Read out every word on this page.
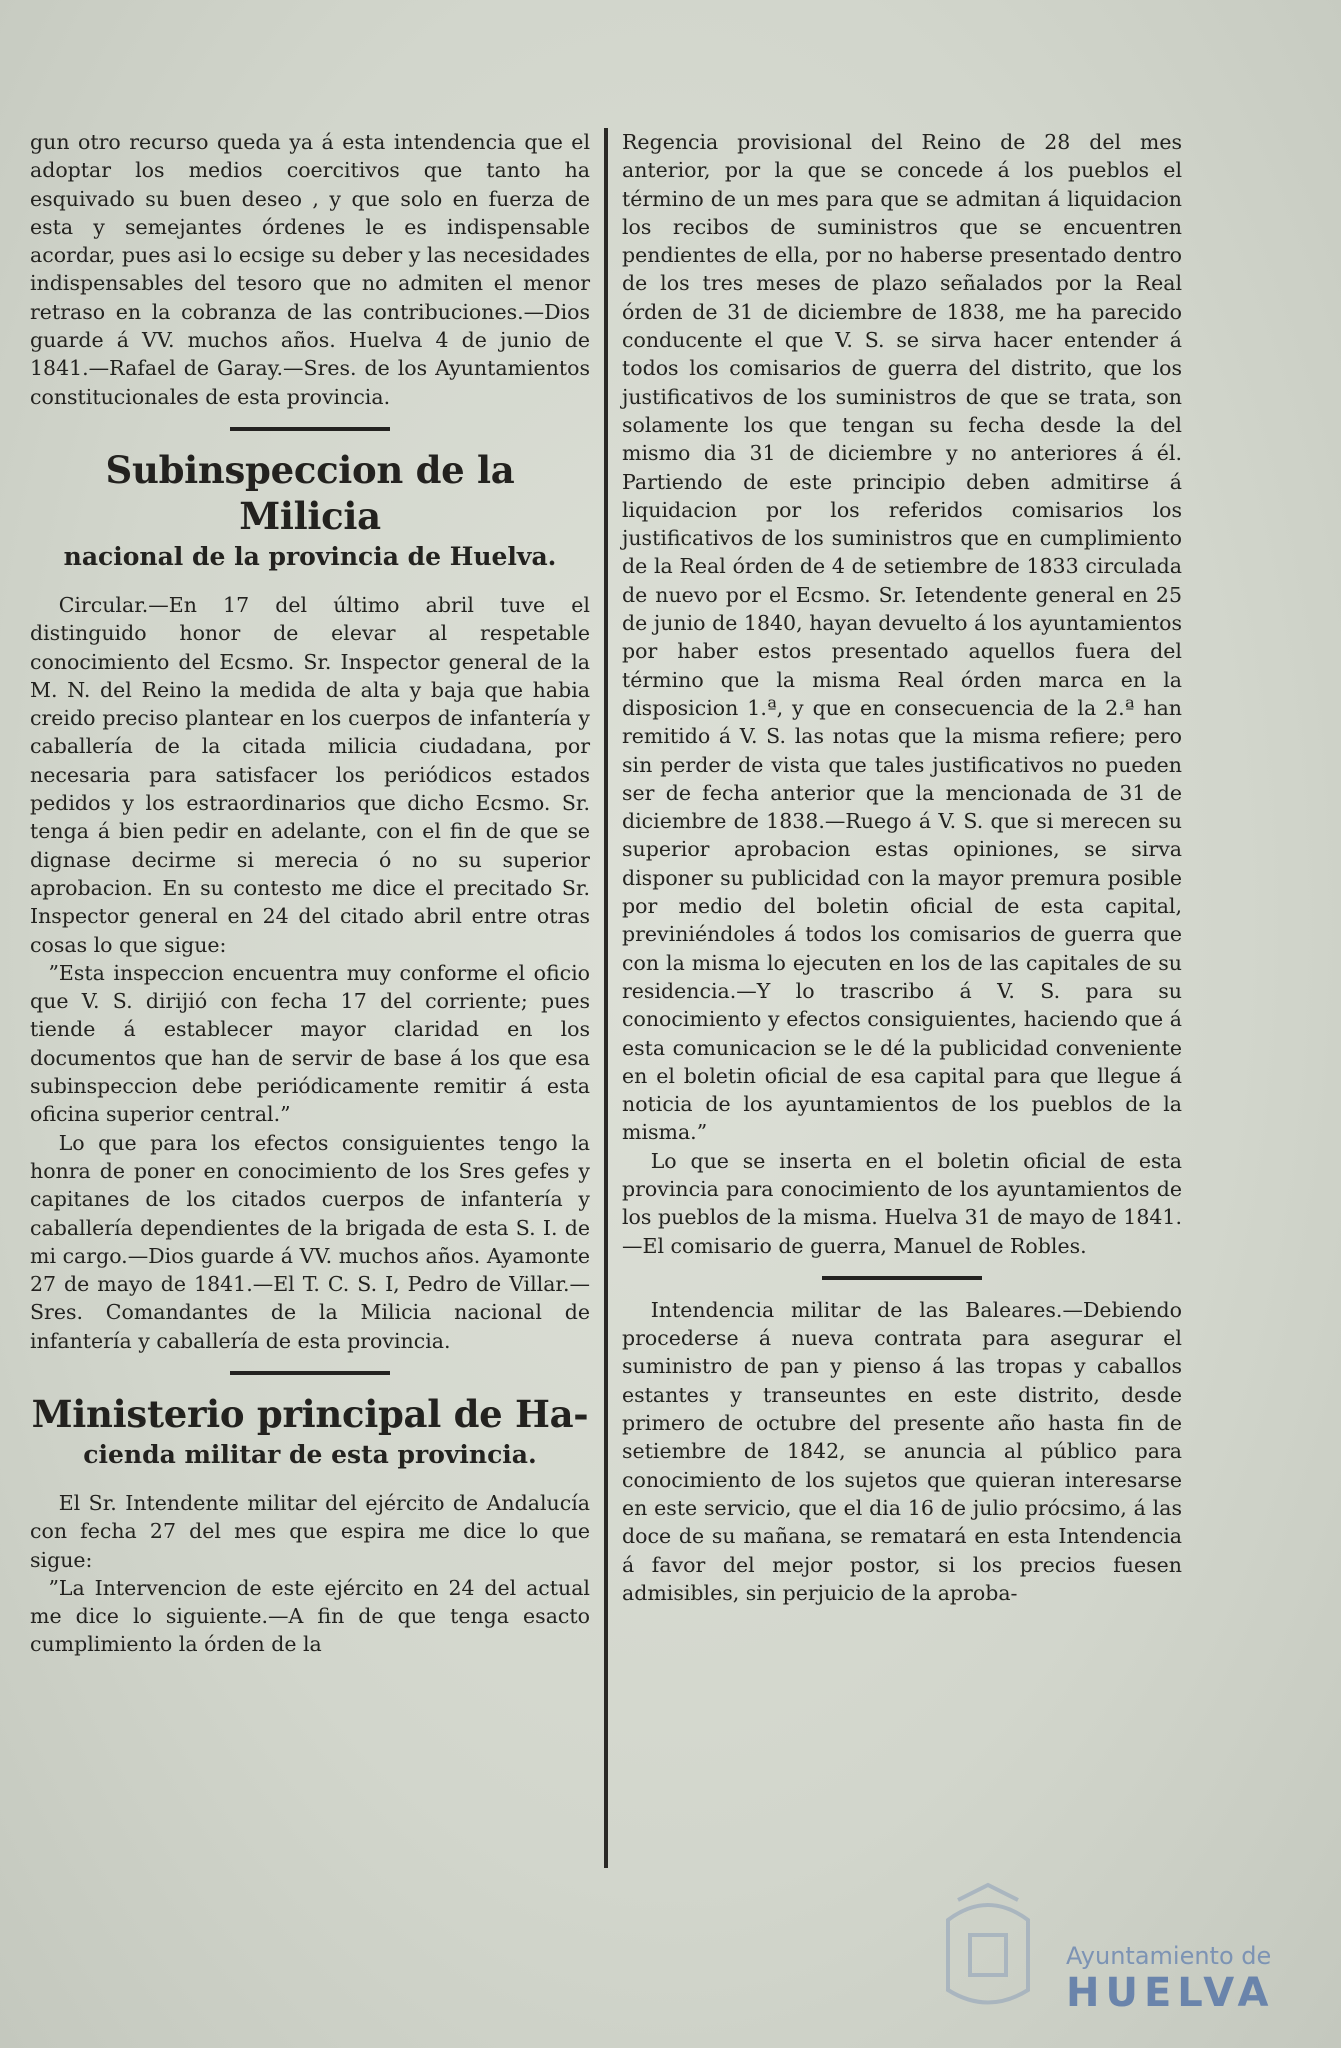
gun otro recurso queda ya á esta intendencia que el adoptar los medios coercitivos que tanto ha esquivado su buen deseo , y que solo en fuerza de esta y semejantes órdenes le es indispensable acordar, pues asi lo ecsige su deber y las necesidades indispensables del tesoro que no admiten el menor retraso en la cobranza de las contribuciones.—Dios guarde á VV. muchos años. Huelva 4 de junio de 1841.—Rafael de Garay.—Sres. de los Ayuntamientos constitucionales de esta provincia.

Subinspeccion de la Milicia
nacional de la provincia de Huelva.

Circular.—En 17 del último abril tuve el distinguido honor de elevar al respetable conocimiento del Ecsmo. Sr. Inspector general de la M. N. del Reino la medida de alta y baja que habia creido preciso plantear en los cuerpos de infantería y caballería de la citada milicia ciudadana, por necesaria para satisfacer los periódicos estados pedidos y los estraordinarios que dicho Ecsmo. Sr. tenga á bien pedir en adelante, con el fin de que se dignase decirme si merecia ó no su superior aprobacion. En su contesto me dice el precitado Sr. Inspector general en 24 del citado abril entre otras cosas lo que sigue:

”Esta inspeccion encuentra muy conforme el oficio que V. S. dirijió con fecha 17 del corriente; pues tiende á establecer mayor claridad en los documentos que han de servir de base á los que esa subinspeccion debe periódicamente remitir á esta oficina superior central.”

Lo que para los efectos consiguientes tengo la honra de poner en conocimiento de los Sres gefes y capitanes de los citados cuerpos de infantería y caballería dependientes de la brigada de esta S. I. de mi cargo.—Dios guarde á VV. muchos años. Ayamonte 27 de mayo de 1841.—El T. C. S. I, Pedro de Villar.—Sres. Comandantes de la Milicia nacional de infantería y caballería de esta provincia.

Ministerio principal de Ha-
cienda militar de esta provincia.

El Sr. Intendente militar del ejército de Andalucía con fecha 27 del mes que espira me dice lo que sigue:

”La Intervencion de este ejército en 24 del actual me dice lo siguiente.—A fin de que tenga esacto cumplimiento la órden de la

Regencia provisional del Reino de 28 del mes anterior, por la que se concede á los pueblos el término de un mes para que se admitan á liquidacion los recibos de suministros que se encuentren pendientes de ella, por no haberse presentado dentro de los tres meses de plazo señalados por la Real órden de 31 de diciembre de 1838, me ha parecido conducente el que V. S. se sirva hacer entender á todos los comisarios de guerra del distrito, que los justificativos de los suministros de que se trata, son solamente los que tengan su fecha desde la del mismo dia 31 de diciembre y no anteriores á él. Partiendo de este principio deben admitirse á liquidacion por los referidos comisarios los justificativos de los suministros que en cumplimiento de la Real órden de 4 de setiembre de 1833 circulada de nuevo por el Ecsmo. Sr. Ietendente general en 25 de junio de 1840, hayan devuelto á los ayuntamientos por haber estos presentado aquellos fuera del término que la misma Real órden marca en la disposicion 1.ª, y que en consecuencia de la 2.ª han remitido á V. S. las notas que la misma refiere; pero sin perder de vista que tales justificativos no pueden ser de fecha anterior que la mencionada de 31 de diciembre de 1838.—Ruego á V. S. que si merecen su superior aprobacion estas opiniones, se sirva disponer su publicidad con la mayor premura posible por medio del boletin oficial de esta capital, previniéndoles á todos los comisarios de guerra que con la misma lo ejecuten en los de las capitales de su residencia.—Y lo trascribo á V. S. para su conocimiento y efectos consiguientes, haciendo que á esta comunicacion se le dé la publicidad conveniente en el boletin oficial de esa capital para que llegue á noticia de los ayuntamientos de los pueblos de la misma.”

Lo que se inserta en el boletin oficial de esta provincia para conocimiento de los ayuntamientos de los pueblos de la misma. Huelva 31 de mayo de 1841.—El comisario de guerra, Manuel de Robles.

Intendencia militar de las Baleares.—Debiendo procederse á nueva contrata para asegurar el suministro de pan y pienso á las tropas y caballos estantes y transeuntes en este distrito, desde primero de octubre del presente año hasta fin de setiembre de 1842, se anuncia al público para conocimiento de los sujetos que quieran interesarse en este servicio, que el dia 16 de julio prócsimo, á las doce de su mañana, se rematará en esta Intendencia á favor del mejor postor, si los precios fuesen admisibles, sin perjuicio de la aproba-

Ayuntamiento de
HUELVA
